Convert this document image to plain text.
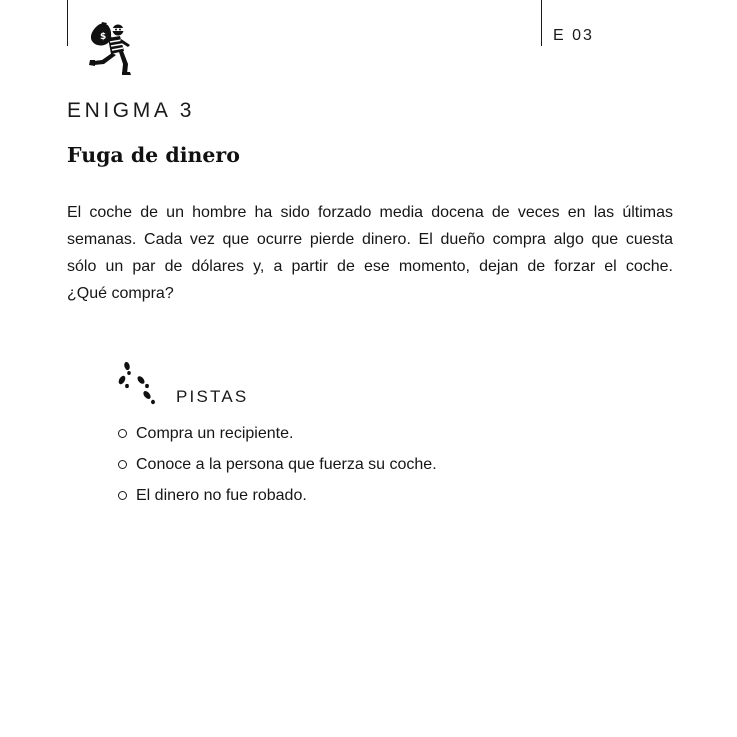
E 03
$
ENIGMA 3
Fuga de dinero
El coche de un hombre ha sido forzado media docena de veces en las últimas
semanas. Cada vez que ocurre pierde dinero. El dueño compra algo que cuesta
sólo un par de dólares y, a partir de ese momento, dejan de forzar el coche.
¿Qué compra?
PISTAS
Compra un recipiente.
Conoce a la persona que fuerza su coche.
El dinero no fue robado.
